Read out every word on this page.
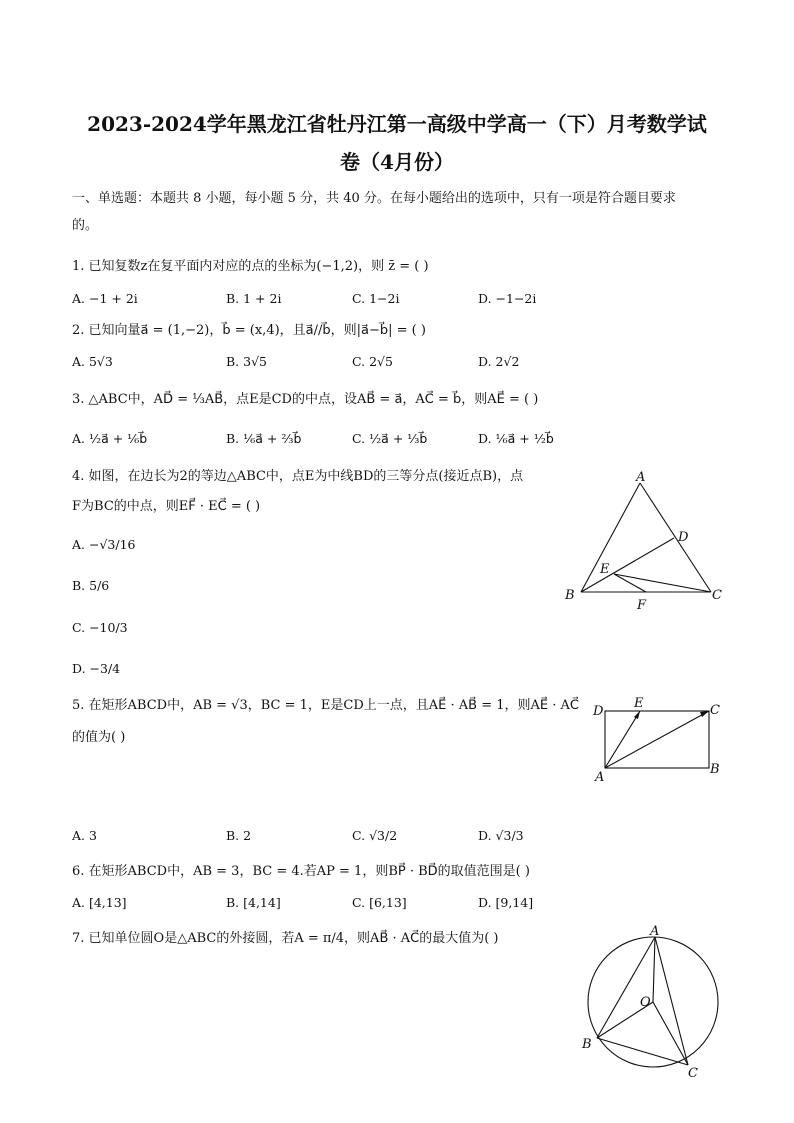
2023-2024学年黑龙江省牡丹江第一高级中学高一（下）月考数学试
卷（4月份）
一、单选题：本题共 8 小题，每小题 5 分，共 40 分。在每小题给出的选项中，只有一项是符合题目要求
的。
1. 已知复数z在复平面内对应的点的坐标为(−1,2)，则 z̄ = ( )
A. −1 + 2i	B. 1 + 2i	C. 1−2i	D. −1−2i
2. 已知向量a⃗ = (1,−2)，b⃗ = (x,4)，且a⃗//b⃗，则|a⃗−b⃗| = ( )
A. 5√3	B. 3√5	C. 2√5	D. 2√2
3. △ABC中，AD⃗ = ⅓AB⃗，点E是CD的中点，设AB⃗ = a⃗，AC⃗ = b⃗，则AE⃗ = ( )
A. ½a⃗ + ⅙b⃗	B. ⅙a⃗ + ⅔b⃗	C. ½a⃗ + ⅓b⃗	D. ⅙a⃗ + ½b⃗
4. 如图，在边长为2的等边△ABC中，点E为中线BD的三等分点(接近点B)，点
F为BC的中点，则EF⃗ · EC⃗ = ( )
A. −√3/16
B. 5/6
C. −10/3
D. −3/4
A
B	C
D
E
F
5. 在矩形ABCD中，AB = √3，BC = 1，E是CD上一点，且AE⃗ · AB⃗ = 1，则AE⃗ · AC⃗
的值为( )
D
E	C
A
B
A. 3	B. 2	C. √3/2	D. √3/3
6. 在矩形ABCD中，AB = 3，BC = 4.若AP = 1，则BP⃗ · BD⃗的取值范围是( )
A. [4,13]	B. [4,14]	C. [6,13]	D. [9,14]
7. 已知单位圆O是△ABC的外接圆，若A = π/4，则AB⃗ · AC⃗的最大值为( )	A
B
C
O
